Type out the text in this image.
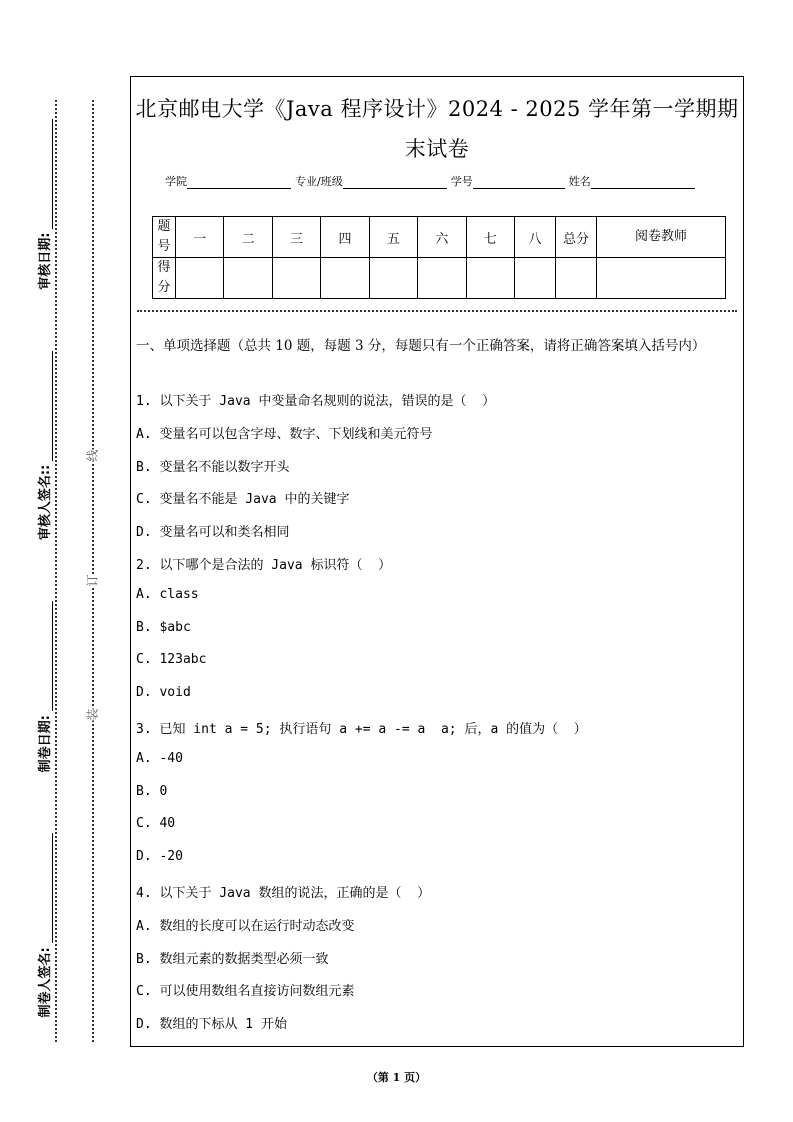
制卷人签名:
制卷日期:
审核人签名::
审核日期:
装
订
线
北京邮电大学《Java 程序设计》2024 - 2025 学年第一学期期末试卷
学院	专业/班级	学号	姓名
题号	一	二	三	四	五	六	七	八	总分	阅卷教师
得分										
一、单项选择题（总共 10 题，每题 3 分，每题只有一个正确答案，请将正确答案填入括号内）
1. 以下关于 Java 中变量命名规则的说法，错误的是（  ）
A. 变量名可以包含字母、数字、下划线和美元符号
B. 变量名不能以数字开头
C. 变量名不能是 Java 中的关键字
D. 变量名可以和类名相同
2. 以下哪个是合法的 Java 标识符（  ）
A. class
B. $abc
C. 123abc
D. void
3. 已知 int a = 5; 执行语句 a += a -= a  a; 后，a 的值为（  ）
A. -40
B. 0
C. 40
D. -20
4. 以下关于 Java 数组的说法，正确的是（  ）
A. 数组的长度可以在运行时动态改变
B. 数组元素的数据类型必须一致
C. 可以使用数组名直接访问数组元素
D. 数组的下标从 1 开始
（第 1 页）
